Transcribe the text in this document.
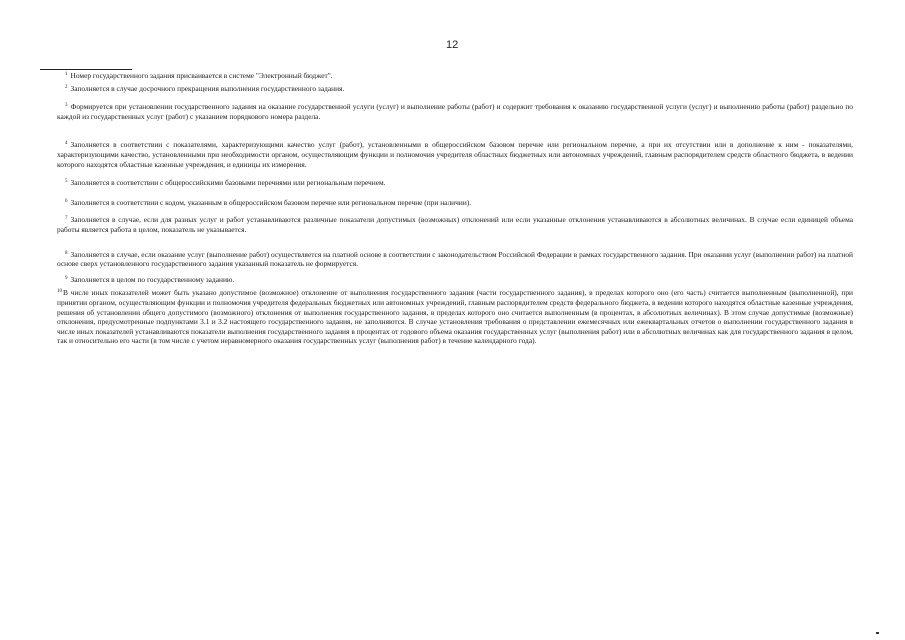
12

$^1$ Номер государственного задания присваивается в системе "Электронный бюджет".

$^2$ Заполняется в случае досрочного прекращения выполнения государственного задания.

$^3$ Формируется при установлении государственного задания на оказание государственной услуги (услуг) и выполнение работы (работ) и содержит требования к оказанию государственной услуги (услуг) и выполнению работы (работ) раздельно по каждой из государственных услуг (работ) с указанием порядкового номера раздела.

$^4$ Заполняется в соответствии с показателями, характеризующими качество услуг (работ), установленными в общероссийском базовом перечне или региональном перечне, а при их отсутствии или в дополнение к ним - показателями, характеризующими качество, установленными при необходимости органом, осуществляющим функции и полномочия учредителя областных бюджетных или автономных учреждений, главным распорядителем средств областного бюджета, в ведении которого находятся областные казенные учреждения, и единицы их измерения.

$^5$ Заполняется в соответствии с общероссийскими базовыми перечнями или региональным перечнем.

$^6$ Заполняется в соответствии с кодом, указанным в общероссийском базовом перечне или региональном перечне (при наличии).

$^7$ Заполняется в случае, если для разных услуг и работ устанавливаются различные показатели допустимых (возможных) отклонений или если указанные отклонения устанавливаются в абсолютных величинах. В случае если единицей объема работы является работа в целом, показатель не указывается.

$^8$ Заполняется в случае, если оказание услуг (выполнение работ) осуществляется на платной основе в соответствии с законодательством Российской Федерации в рамках государственного задания. При оказании услуг (выполнении работ) на платной основе сверх установленного государственного задания указанный показатель не формируется.

$^9$ Заполняется в целом по государственному заданию.

$^{10}$В числе иных показателей может быть указано допустимое (возможное) отклонение от выполнения государственного задания (части государственного задания), в пределах которого оно (его часть) считается выполненным (выполненной), при принятии органом, осуществляющим функции и полномочия учредителя федеральных бюджетных или автономных учреждений, главным распорядителем средств федерального бюджета, в ведении которого находятся областные казенные учреждения, решения об установлении общего допустимого (возможного) отклонения от выполнения государственного задания, в пределах которого оно считается выполненным (в процентах, в абсолютных величинах). В этом случае допустимые (возможные) отклонения, предусмотренные подпунктами 3.1 и 3.2 настоящего государственного задания, не заполняются. В случае установления требования о представлении ежемесячных или ежеквартальных отчетов о выполнении государственного задания в числе иных показателей устанавливаются показатели выполнения государственного задания в процентах от годового объема оказания государственных услуг (выполнения работ) или в абсолютных величинах как для государственного задания в целом, так и относительно его части (в том числе с учетом неравномерного оказания государственных услуг (выполнения работ) в течение календарного года).
